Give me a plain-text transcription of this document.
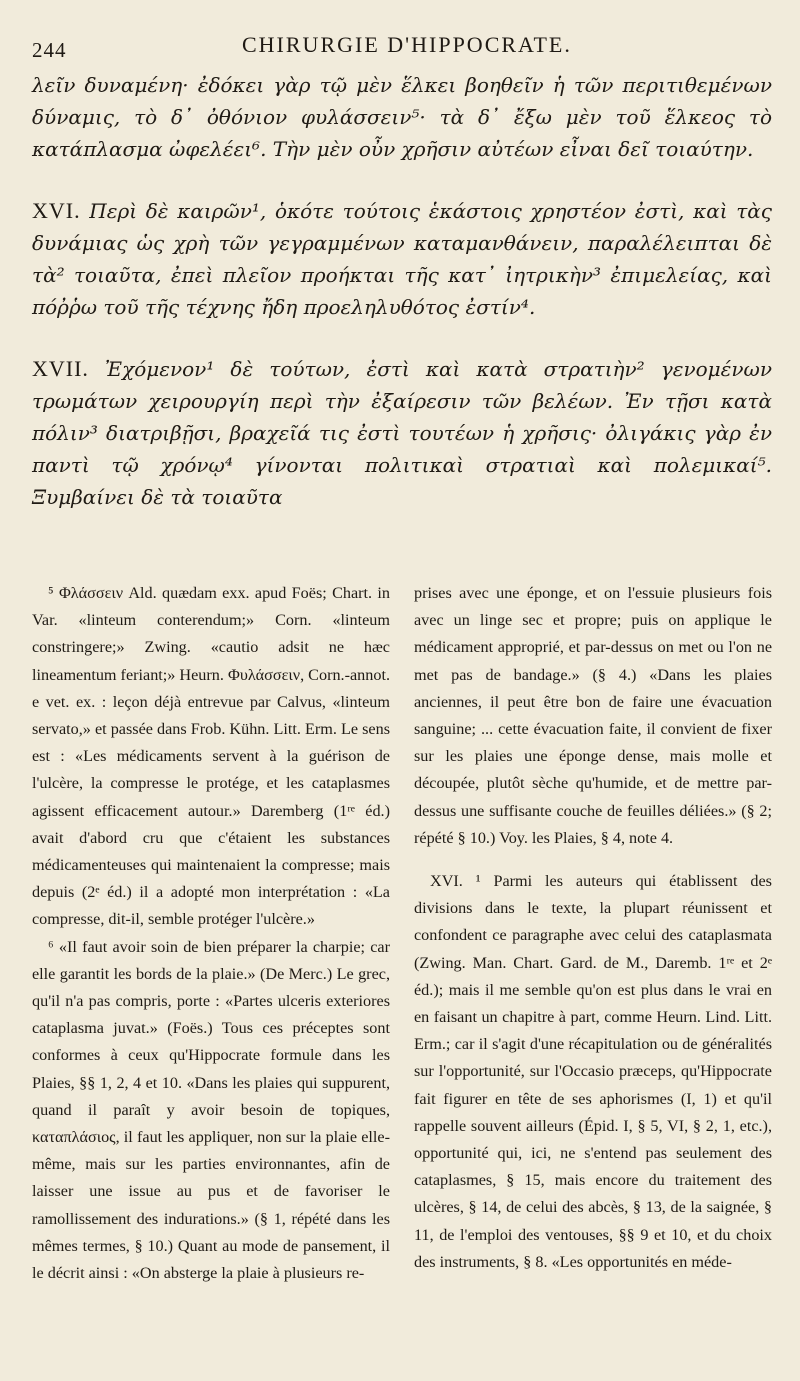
244	CHIRURGIE D'HIPPOCRATE.

λεῖν δυναμένη· ἐδόκει γὰρ τῷ μὲν ἕλκει βοηθεῖν ἡ τῶν περιτιθεμένων δύναμις, τὸ δ᾽ ὀθόνιον φυλάσσειν⁵· τὰ δ᾽ ἔξω μὲν τοῦ ἕλκεος τὸ κατάπλασμα ὠφελέει⁶. Τὴν μὲν οὖν χρῆσιν αὐτέων εἶναι δεῖ τοιαύτην.

XVI. Περὶ δὲ καιρῶν¹, ὁκότε τούτοις ἑκάστοις χρηστέον ἐστὶ, καὶ τὰς δυνάμιας ὡς χρὴ τῶν γεγραμμένων καταμανθάνειν, παραλέλειπται δὲ τὰ² τοιαῦτα, ἐπεὶ πλεῖον προήκται τῆς κατ᾽ ἰητρικὴν³ ἐπιμελείας, καὶ πόῤῥω τοῦ τῆς τέχνης ἤδη προεληλυθότος ἐστίν⁴.

XVII. Ἐχόμενον¹ δὲ τούτων, ἐστὶ καὶ κατὰ στρατιὴν² γενομένων τρωμάτων χειρουργίη περὶ τὴν ἐξαίρεσιν τῶν βελέων. Ἐν τῇσι κατὰ πόλιν³ διατριβῇσι, βραχεῖά τις ἐστὶ τουτέων ἡ χρῆσις· ὀλιγάκις γὰρ ἐν παντὶ τῷ χρόνῳ⁴ γίνονται πολιτικαὶ στρατιαὶ καὶ πολεμικαί⁵. Ξυμβαίνει δὲ τὰ τοιαῦτα

⁵ Φλάσσειν Ald. quædam exx. apud Foës; Chart. in Var. «linteum conterendum;» Corn. «linteum constringere;» Zwing. «cautio adsit ne hæc lineamentum feriant;» Heurn. Φυλάσσειν, Corn.-annot. e vet. ex. : leçon déjà entrevue par Calvus, «linteum servato,» et passée dans Frob. Kühn. Litt. Erm. Le sens est : «Les médicaments servent à la guérison de l'ulcère, la compresse le protége, et les cataplasmes agissent efficacement autour.» Daremberg (1ʳᵉ éd.) avait d'abord cru que c'étaient les substances médicamenteuses qui maintenaient la compresse; mais depuis (2ᵉ éd.) il a adopté mon interprétation : «La compresse, dit-il, semble protéger l'ulcère.»

⁶ «Il faut avoir soin de bien préparer la charpie; car elle garantit les bords de la plaie.» (De Merc.) Le grec, qu'il n'a pas compris, porte : «Partes ulceris exteriores cataplasma juvat.» (Foës.) Tous ces préceptes sont conformes à ceux qu'Hippocrate formule dans les Plaies, §§ 1, 2, 4 et 10. «Dans les plaies qui suppurent, quand il paraît y avoir besoin de topiques, καταπλάσιος, il faut les appliquer, non sur la plaie elle-même, mais sur les parties environnantes, afin de laisser une issue au pus et de favoriser le ramollissement des indurations.» (§ 1, répété dans les mêmes termes, § 10.) Quant au mode de pansement, il le décrit ainsi : «On absterge la plaie à plusieurs re-

prises avec une éponge, et on l'essuie plusieurs fois avec un linge sec et propre; puis on applique le médicament approprié, et par-dessus on met ou l'on ne met pas de bandage.» (§ 4.) «Dans les plaies anciennes, il peut être bon de faire une évacuation sanguine; ... cette évacuation faite, il convient de fixer sur les plaies une éponge dense, mais molle et découpée, plutôt sèche qu'humide, et de mettre par-dessus une suffisante couche de feuilles déliées.» (§ 2; répété § 10.) Voy. les Plaies, § 4, note 4.

XVI. ¹ Parmi les auteurs qui établissent des divisions dans le texte, la plupart réunissent et confondent ce paragraphe avec celui des cataplasmata (Zwing. Man. Chart. Gard. de M., Daremb. 1ʳᵉ et 2ᵉ éd.); mais il me semble qu'on est plus dans le vrai en en faisant un chapitre à part, comme Heurn. Lind. Litt. Erm.; car il s'agit d'une récapitulation ou de généralités sur l'opportunité, sur l'Occasio præceps, qu'Hippocrate fait figurer en tête de ses aphorismes (I, 1) et qu'il rappelle souvent ailleurs (Épid. I, § 5, VI, § 2, 1, etc.), opportunité qui, ici, ne s'entend pas seulement des cataplasmes, § 15, mais encore du traitement des ulcères, § 14, de celui des abcès, § 13, de la saignée, § 11, de l'emploi des ventouses, §§ 9 et 10, et du choix des instruments, § 8. «Les opportunités en méde-
